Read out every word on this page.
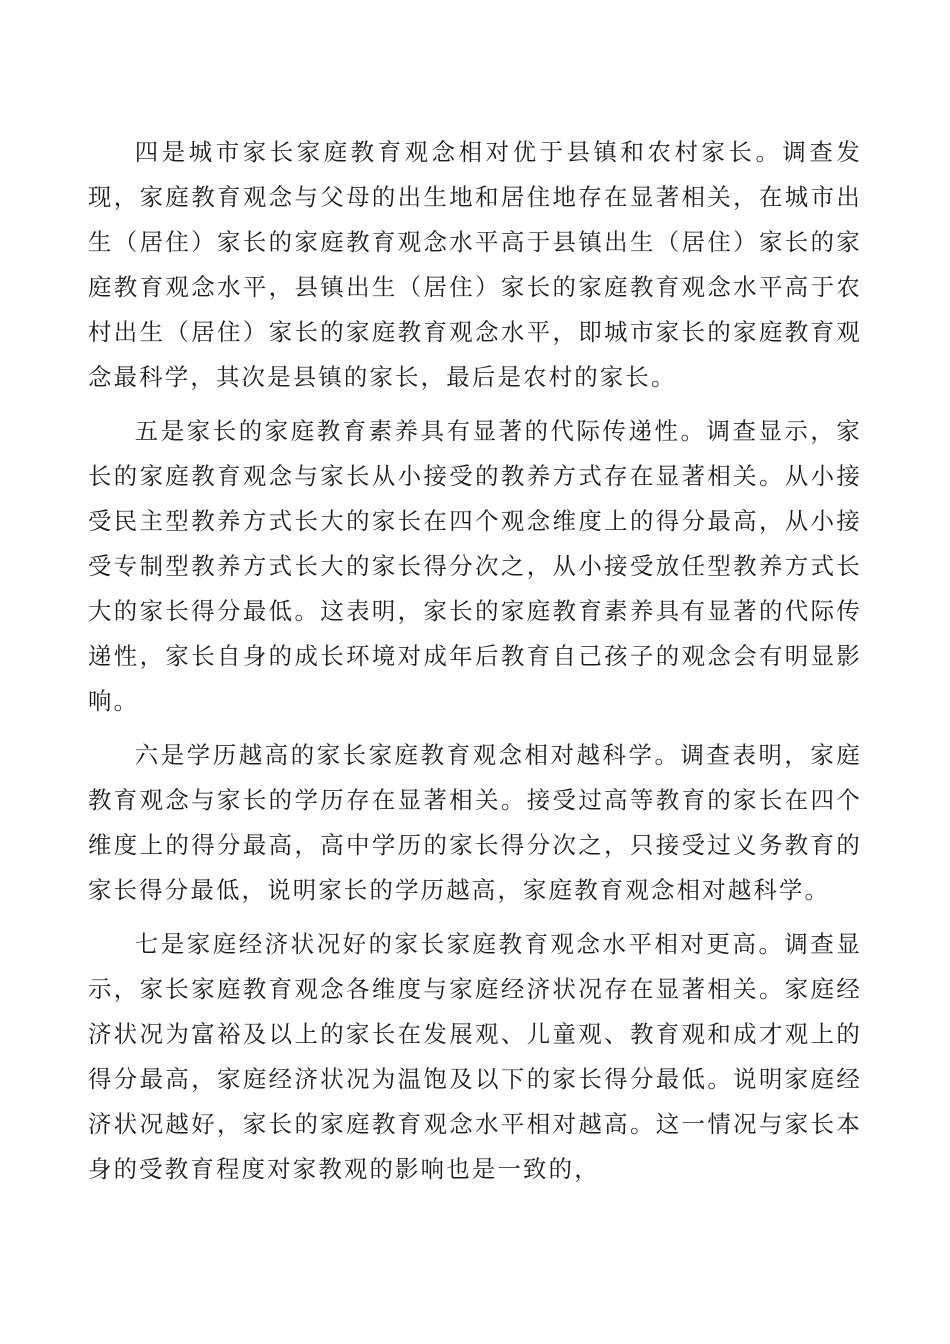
四是城市家长家庭教育观念相对优于县镇和农村家长。调查发现，家庭教育观念与父母的出生地和居住地存在显著相关，在城市出生（居住）家长的家庭教育观念水平高于县镇出生（居住）家长的家庭教育观念水平，县镇出生（居住）家长的家庭教育观念水平高于农村出生（居住）家长的家庭教育观念水平，即城市家长的家庭教育观念最科学，其次是县镇的家长，最后是农村的家长。

五是家长的家庭教育素养具有显著的代际传递性。调查显示，家长的家庭教育观念与家长从小接受的教养方式存在显著相关。从小接受民主型教养方式长大的家长在四个观念维度上的得分最高，从小接受专制型教养方式长大的家长得分次之，从小接受放任型教养方式长大的家长得分最低。这表明，家长的家庭教育素养具有显著的代际传递性，家长自身的成长环境对成年后教育自己孩子的观念会有明显影响。

六是学历越高的家长家庭教育观念相对越科学。调查表明，家庭教育观念与家长的学历存在显著相关。接受过高等教育的家长在四个维度上的得分最高，高中学历的家长得分次之，只接受过义务教育的家长得分最低，说明家长的学历越高，家庭教育观念相对越科学。

七是家庭经济状况好的家长家庭教育观念水平相对更高。调查显示，家长家庭教育观念各维度与家庭经济状况存在显著相关。家庭经济状况为富裕及以上的家长在发展观、儿童观、教育观和成才观上的得分最高，家庭经济状况为温饱及以下的家长得分最低。说明家庭经济状况越好，家长的家庭教育观念水平相对越高。这一情况与家长本身的受教育程度对家教观的影响也是一致的，
